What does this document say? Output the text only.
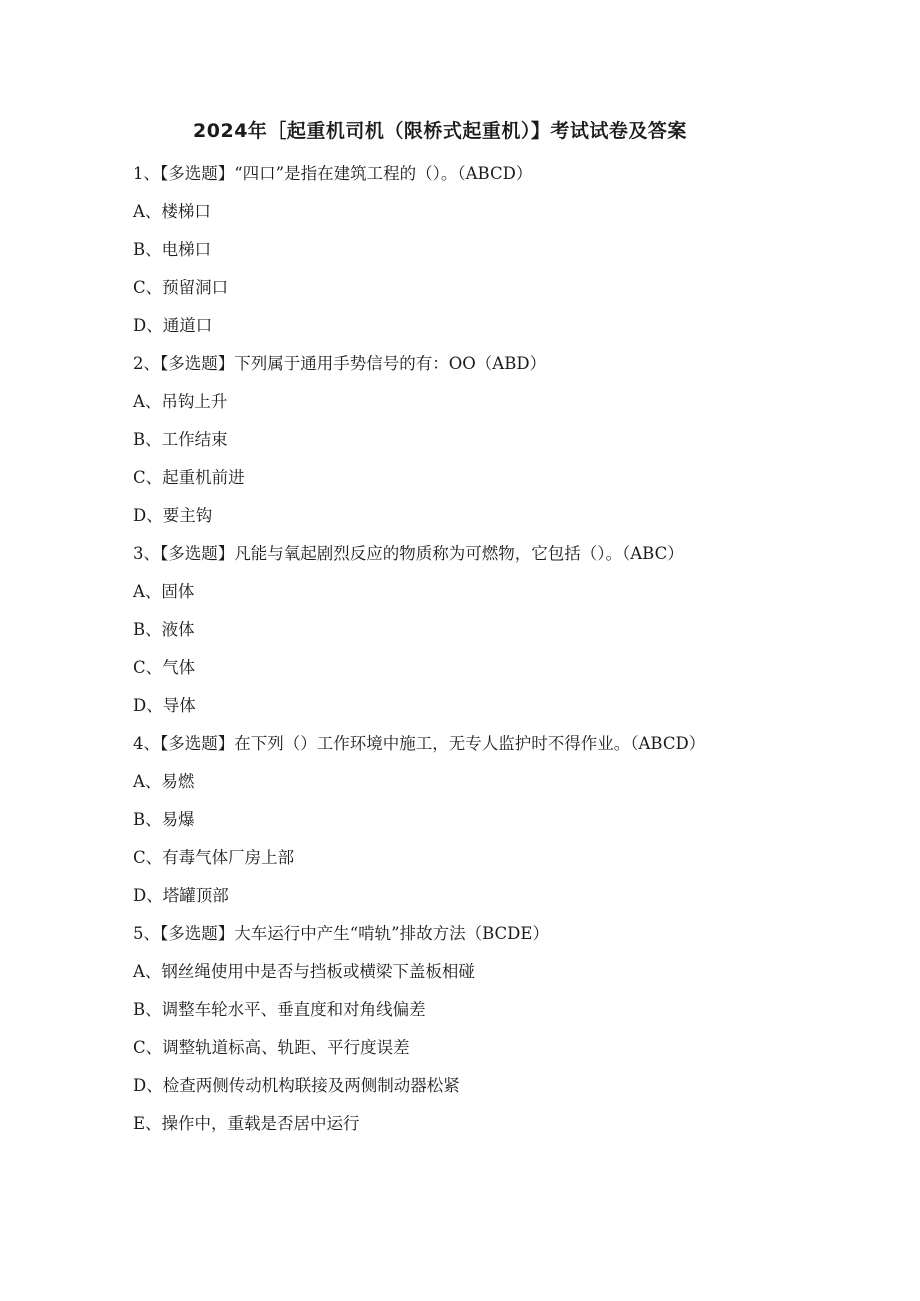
2024年［起重机司机（限桥式起重机）】考试试卷及答案
1、【多选题】“四口”是指在建筑工程的（）。（ABCD）
A、楼梯口
B、电梯口
C、预留洞口
D、通道口
2、【多选题】下列属于通用手势信号的有：OO（ABD）
A、吊钩上升
B、工作结束
C、起重机前进
D、要主钩
3、【多选题】凡能与氧起剧烈反应的物质称为可燃物，它包括（）。（ABC）
A、固体
B、液体
C、气体
D、导体
4、【多选题】在下列（）工作环境中施工，无专人监护时不得作业。（ABCD）
A、易燃
B、易爆
C、有毒气体厂房上部
D、塔罐顶部
5、【多选题】大车运行中产生“啃轨”排故方法（BCDE）
A、钢丝绳使用中是否与挡板或横梁下盖板相碰
B、调整车轮水平、垂直度和对角线偏差
C、调整轨道标高、轨距、平行度误差
D、检查两侧传动机构联接及两侧制动器松紧
E、操作中，重载是否居中运行
